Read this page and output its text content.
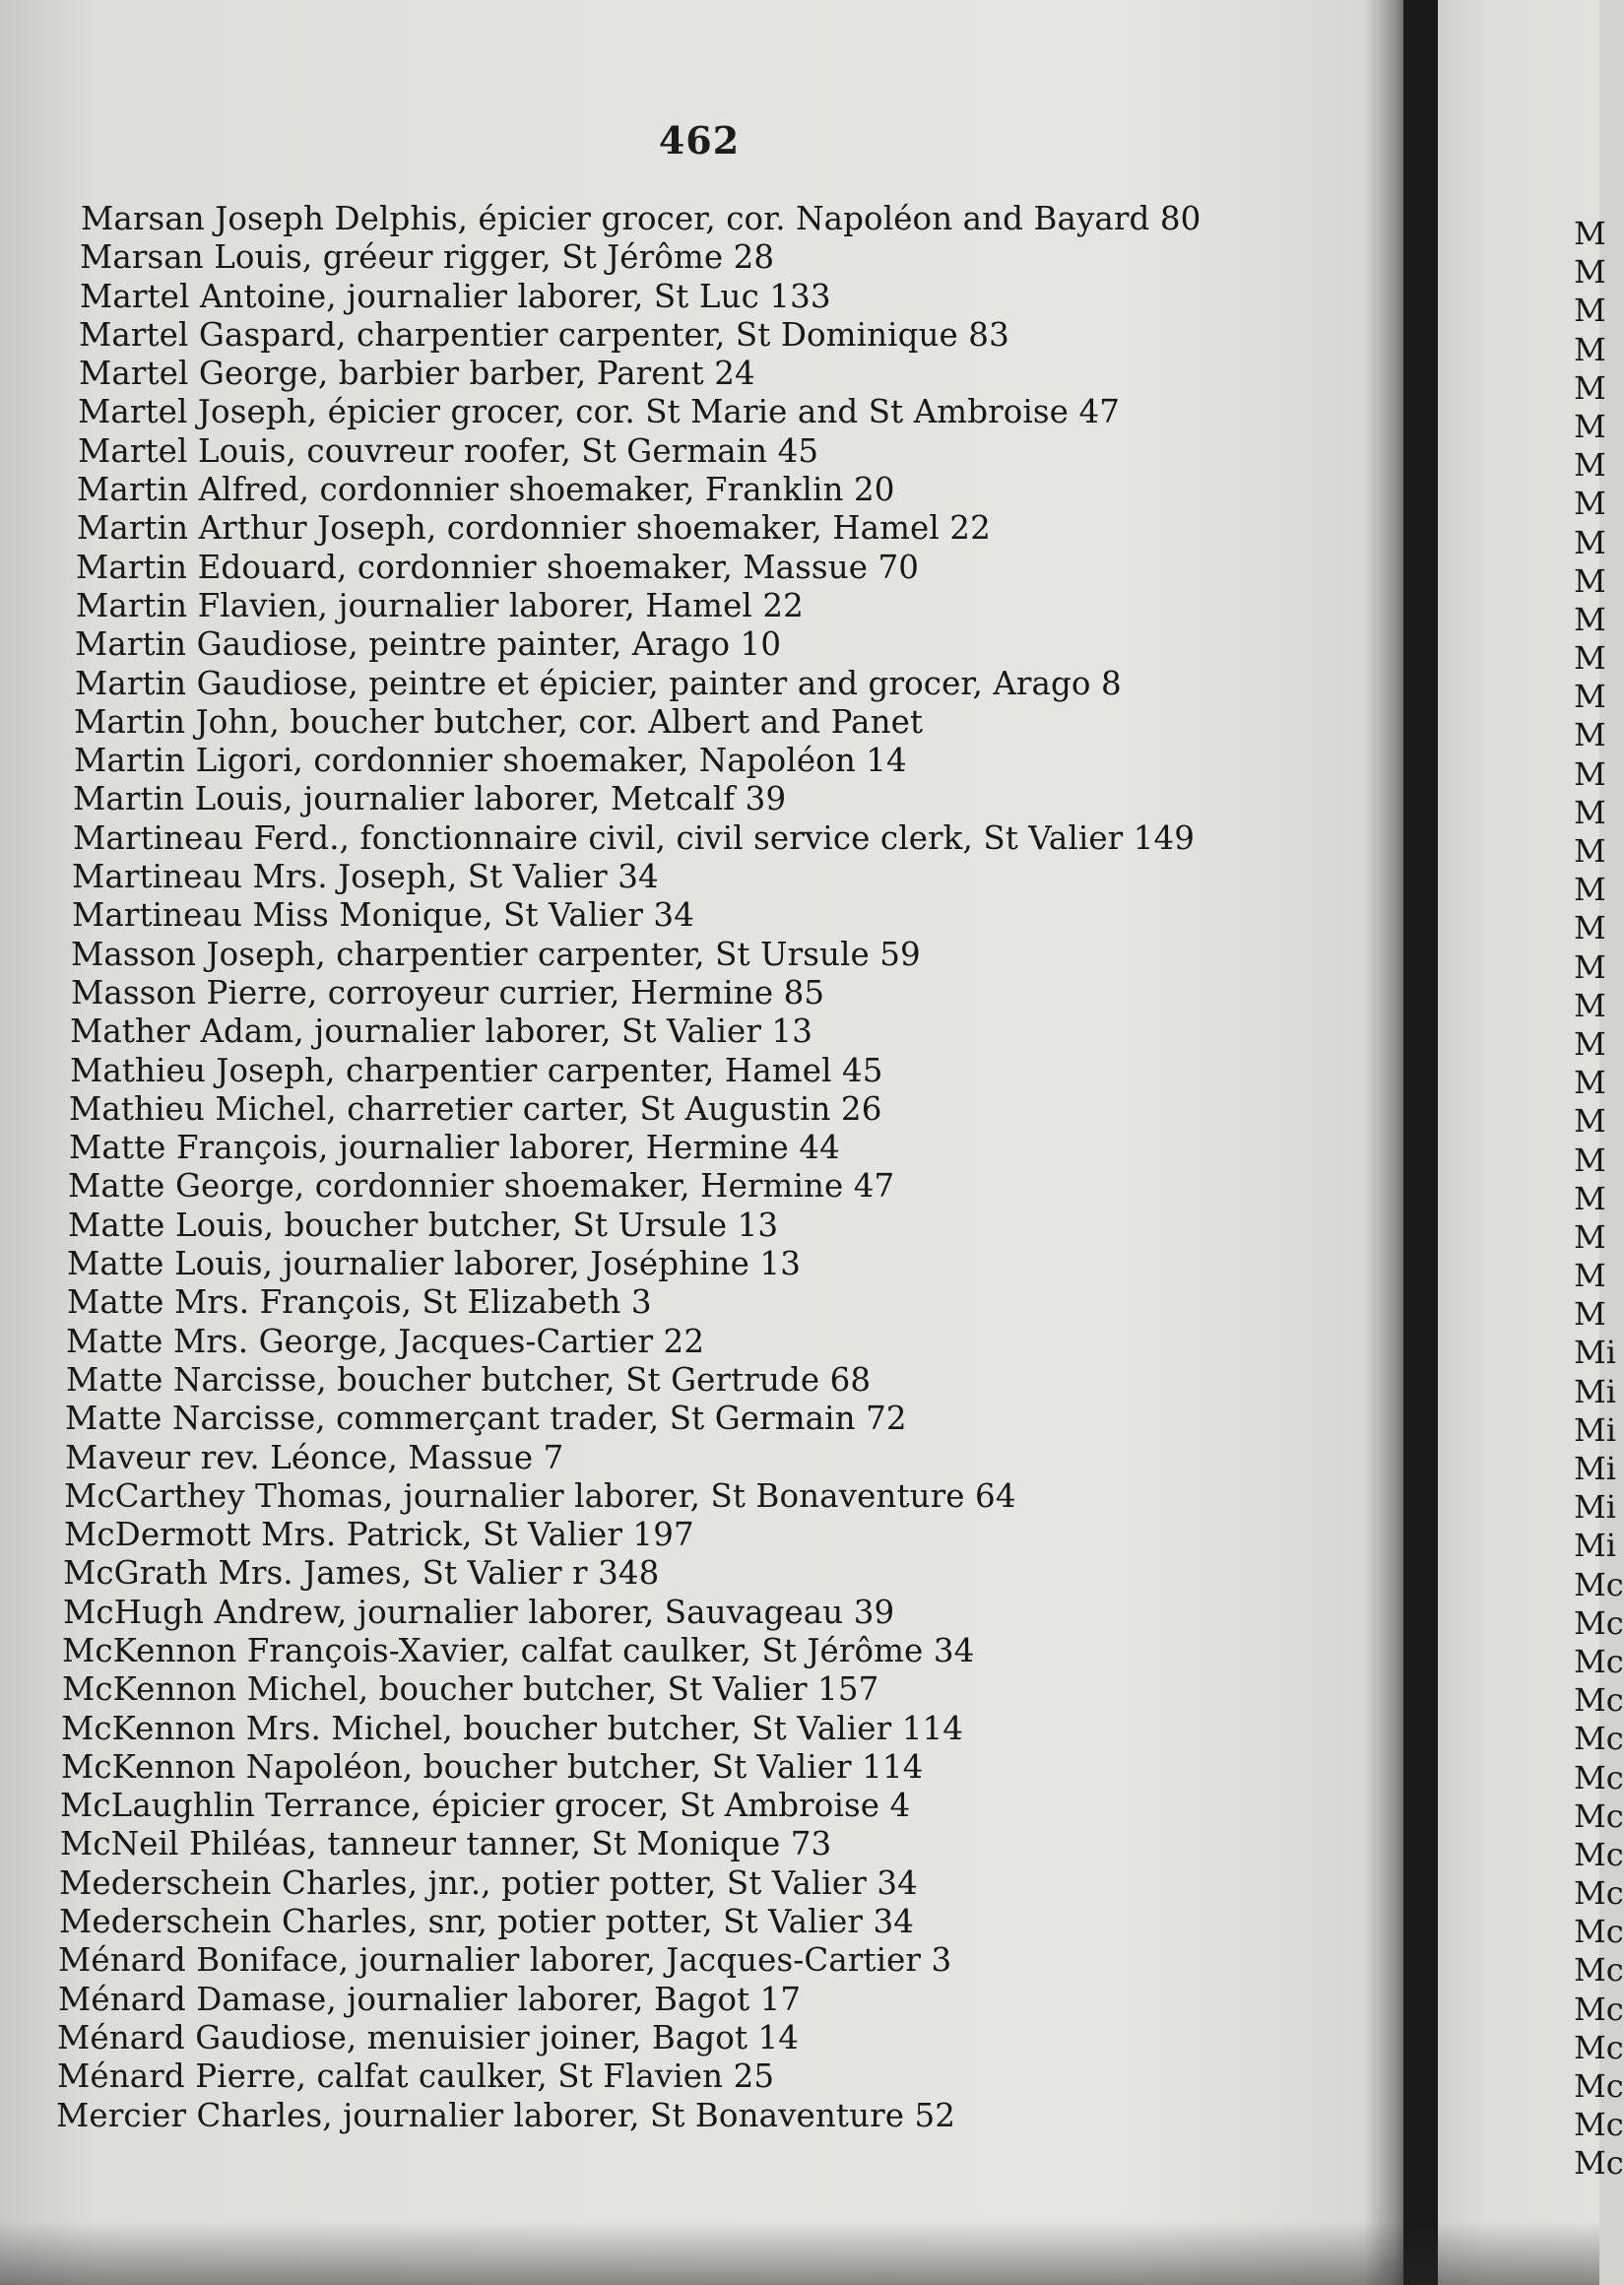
462
Marsan Joseph Delphis, épicier grocer, cor. Napoléon and Bayard 80
Marsan Louis, gréeur rigger, St Jérôme 28
Martel Antoine, journalier laborer, St Luc 133
Martel Gaspard, charpentier carpenter, St Dominique 83
Martel George, barbier barber, Parent 24
Martel Joseph, épicier grocer, cor. St Marie and St Ambroise 47
Martel Louis, couvreur roofer, St Germain 45
Martin Alfred, cordonnier shoemaker, Franklin 20
Martin Arthur Joseph, cordonnier shoemaker, Hamel 22
Martin Edouard, cordonnier shoemaker, Massue 70
Martin Flavien, journalier laborer, Hamel 22
Martin Gaudiose, peintre painter, Arago 10
Martin Gaudiose, peintre et épicier, painter and grocer, Arago 8
Martin John, boucher butcher, cor. Albert and Panet
Martin Ligori, cordonnier shoemaker, Napoléon 14
Martin Louis, journalier laborer, Metcalf 39
Martineau Ferd., fonctionnaire civil, civil service clerk, St Valier 149
Martineau Mrs. Joseph, St Valier 34
Martineau Miss Monique, St Valier 34
Masson Joseph, charpentier carpenter, St Ursule 59
Masson Pierre, corroyeur currier, Hermine 85
Mather Adam, journalier laborer, St Valier 13
Mathieu Joseph, charpentier carpenter, Hamel 45
Mathieu Michel, charretier carter, St Augustin 26
Matte François, journalier laborer, Hermine 44
Matte George, cordonnier shoemaker, Hermine 47
Matte Louis, boucher butcher, St Ursule 13
Matte Louis, journalier laborer, Joséphine 13
Matte Mrs. François, St Elizabeth 3
Matte Mrs. George, Jacques-Cartier 22
Matte Narcisse, boucher butcher, St Gertrude 68
Matte Narcisse, commerçant trader, St Germain 72
Maveur rev. Léonce, Massue 7
McCarthey Thomas, journalier laborer, St Bonaventure 64
McDermott Mrs. Patrick, St Valier 197
McGrath Mrs. James, St Valier r 348
McHugh Andrew, journalier laborer, Sauvageau 39
McKennon François-Xavier, calfat caulker, St Jérôme 34
McKennon Michel, boucher butcher, St Valier 157
McKennon Mrs. Michel, boucher butcher, St Valier 114
McKennon Napoléon, boucher butcher, St Valier 114
McLaughlin Terrance, épicier grocer, St Ambroise 4
McNeil Philéas, tanneur tanner, St Monique 73
Mederschein Charles, jnr., potier potter, St Valier 34
Mederschein Charles, snr, potier potter, St Valier 34
Ménard Boniface, journalier laborer, Jacques-Cartier 3
Ménard Damase, journalier laborer, Bagot 17
Ménard Gaudiose, menuisier joiner, Bagot 14
Ménard Pierre, calfat caulker, St Flavien 25
Mercier Charles, journalier laborer, St Bonaventure 52
M
M
M
M
M
M
M
M
M
M
M
M
M
M
M
M
M
M
M
M
M
M
M
M
M
M
M
M
M
Mi
Mi
Mi
Mi
Mi
Mi
Mc
Mc
Mc
Mc
Mc
Mc
Mc
Mc
Mc
Mc
Mc
Mc
Mc
Mc
Mc
Mc
